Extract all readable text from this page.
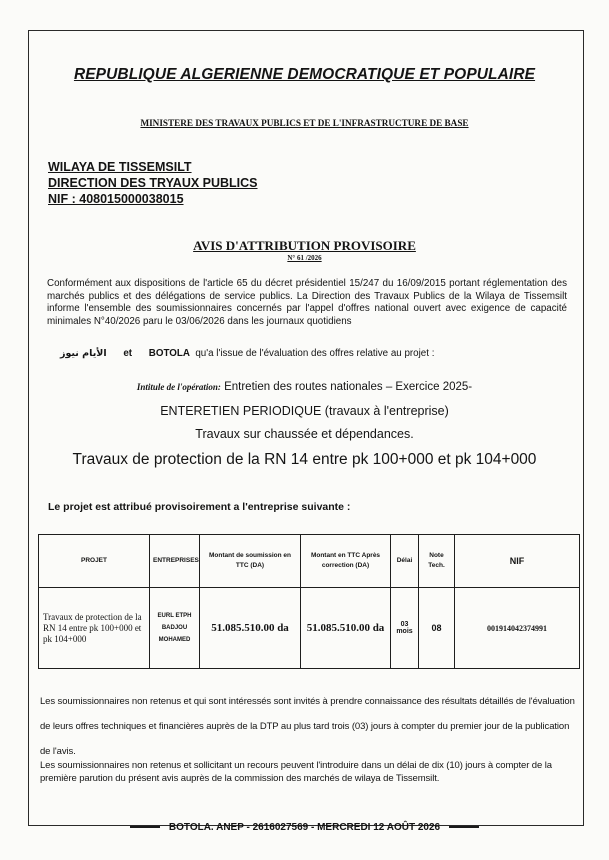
REPUBLIQUE ALGERIENNE DEMOCRATIQUE ET POPULAIRE
MINISTERE DES TRAVAUX PUBLICS ET DE L'INFRASTRUCTURE DE BASE
WILAYA DE TISSEMSILT
DIRECTION DES TRYAUX PUBLICS
NIF : 408015000038015
AVIS D'ATTRIBUTION PROVISOIRE
N° 61 /2026
Conformément aux dispositions de l'article 65 du décret présidentiel 15/247 du 16/09/2015 portant réglementation des marchés publics et des délégations de service publics. La Direction des Travaux Publics de la Wilaya de Tissemsilt informe l'ensemble des soumissionnaires concernés par l'appel d'offres national ouvert avec exigence de capacité minimales N°40/2026 paru le 03/06/2026 dans les journaux quotidiens
الأيام نيوز et BOTOLA qu'a l'issue de l'évaluation des offres relative au projet :
Intitule de l'opération: Entretien des routes nationales – Exercice 2025-
ENTERETIEN PERIODIQUE (travaux à l'entreprise)
Travaux sur chaussée et dépendances.
Travaux de protection de la RN 14 entre pk 100+000 et pk 104+000
Le projet est attribué provisoirement a l'entreprise suivante :
PROJET	ENTREPRISES	Montant de soumission en TTC (DA)	Montant en TTC Après correction (DA)	Délai	Note Tech.	NIF
Travaux de protection de la RN 14 entre pk 100+000 et pk 104+000	EURL ETPH BADJOU MOHAMED	51.085.510.00 da	51.085.510.00 da	03 mois	08	001914042374991
Les soumissionnaires non retenus et qui sont intéressés sont invités à prendre connaissance des résultats détaillés de l'évaluation de leurs offres techniques et financières auprès de la DTP au plus tard trois (03) jours à compter du premier jour de la publication de l'avis.
Les soumissionnaires non retenus et sollicitant un recours peuvent l'introduire dans un délai de dix (10) jours à compter de la première parution du présent avis auprès de la commission des marchés de wilaya de Tissemsilt.
BOTOLA. ANEP - 2616027569 - MERCREDI 12 AOÛT 2026
